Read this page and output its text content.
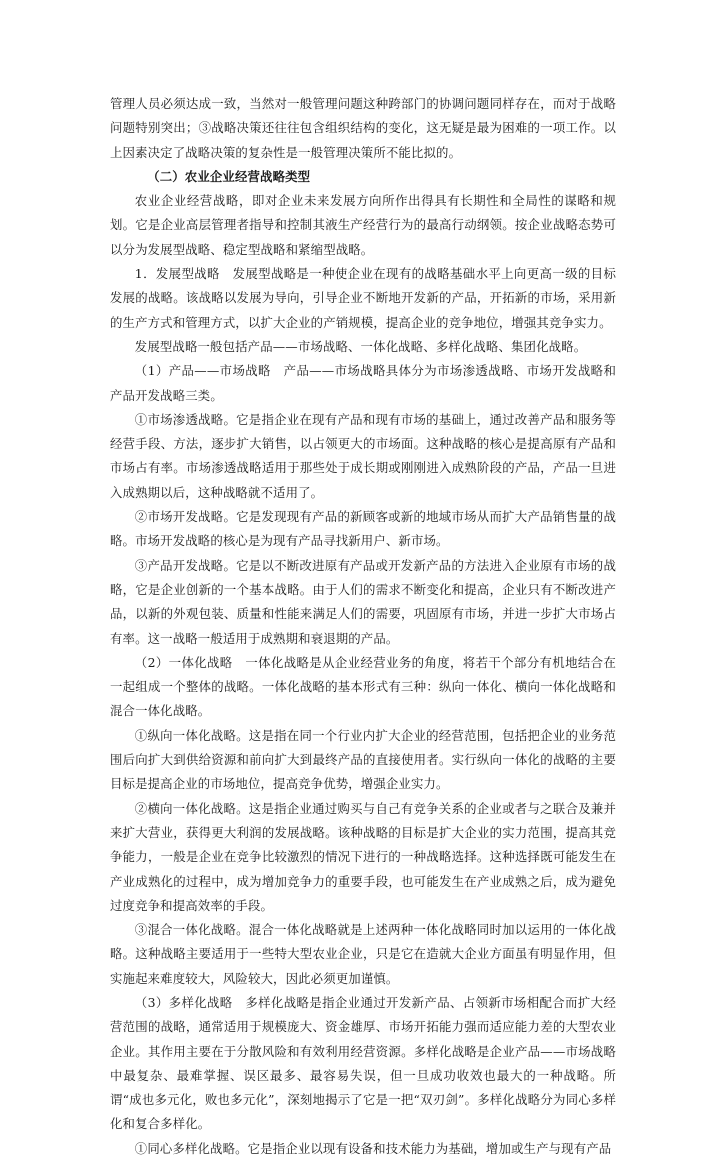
管理人员必须达成一致，当然对一般管理问题这种跨部门的协调问题同样存在，而对于战略问题特别突出；③战略决策还往往包含组织结构的变化，这无疑是最为困难的一项工作。以上因素决定了战略决策的复杂性是一般管理决策所不能比拟的。

（二）农业企业经营战略类型

农业企业经营战略，即对企业未来发展方向所作出得具有长期性和全局性的谋略和规划。它是企业高层管理者指导和控制其液生产经营行为的最高行动纲领。按企业战略态势可以分为发展型战略、稳定型战略和紧缩型战略。

1．发展型战略　发展型战略是一种使企业在现有的战略基础水平上向更高一级的目标发展的战略。该战略以发展为导向，引导企业不断地开发新的产品，开拓新的市场，采用新的生产方式和管理方式，以扩大企业的产销规模，提高企业的竞争地位，增强其竞争实力。

发展型战略一般包括产品——市场战略、一体化战略、多样化战略、集团化战略。

（1）产品——市场战略　产品——市场战略具体分为市场渗透战略、市场开发战略和产品开发战略三类。

①市场渗透战略。它是指企业在现有产品和现有市场的基础上，通过改善产品和服务等经营手段、方法，逐步扩大销售，以占领更大的市场面。这种战略的核心是提高原有产品和市场占有率。市场渗透战略适用于那些处于成长期或刚刚进入成熟阶段的产品，产品一旦进入成熟期以后，这种战略就不适用了。

②市场开发战略。它是发现现有产品的新顾客或新的地域市场从而扩大产品销售量的战略。市场开发战略的核心是为现有产品寻找新用户、新市场。

③产品开发战略。它是以不断改进原有产品或开发新产品的方法进入企业原有市场的战略，它是企业创新的一个基本战略。由于人们的需求不断变化和提高，企业只有不断改进产品，以新的外观包装、质量和性能来满足人们的需要，巩固原有市场，并进一步扩大市场占有率。这一战略一般适用于成熟期和衰退期的产品。

（2）一体化战略　一体化战略是从企业经营业务的角度，将若干个部分有机地结合在一起组成一个整体的战略。一体化战略的基本形式有三种：纵向一体化、横向一体化战略和混合一体化战略。

①纵向一体化战略。这是指在同一个行业内扩大企业的经营范围，包括把企业的业务范围后向扩大到供给资源和前向扩大到最终产品的直接使用者。实行纵向一体化的战略的主要目标是提高企业的市场地位，提高竞争优势，增强企业实力。

②横向一体化战略。这是指企业通过购买与自己有竞争关系的企业或者与之联合及兼并来扩大营业，获得更大利润的发展战略。该种战略的目标是扩大企业的实力范围，提高其竞争能力，一般是企业在竞争比较激烈的情况下进行的一种战略选择。这种选择既可能发生在产业成熟化的过程中，成为增加竞争力的重要手段，也可能发生在产业成熟之后，成为避免过度竞争和提高效率的手段。

③混合一体化战略。混合一体化战略就是上述两种一体化战略同时加以运用的一体化战略。这种战略主要适用于一些特大型农业企业，只是它在造就大企业方面虽有明显作用，但实施起来难度较大，风险较大，因此必须更加谨慎。

（3）多样化战略　多样化战略是指企业通过开发新产品、占领新市场相配合而扩大经营范围的战略，通常适用于规模庞大、资金雄厚、市场开拓能力强而适应能力差的大型农业企业。其作用主要在于分散风险和有效利用经营资源。多样化战略是企业产品——市场战略中最复杂、最难掌握、误区最多、最容易失误，但一旦成功收效也最大的一种战略。所谓“成也多元化，败也多元化”，深刻地揭示了它是一把“双刃剑”。多样化战略分为同心多样化和复合多样化。

①同心多样化战略。它是指企业以现有设备和技术能力为基础，增加或生产与现有产品
